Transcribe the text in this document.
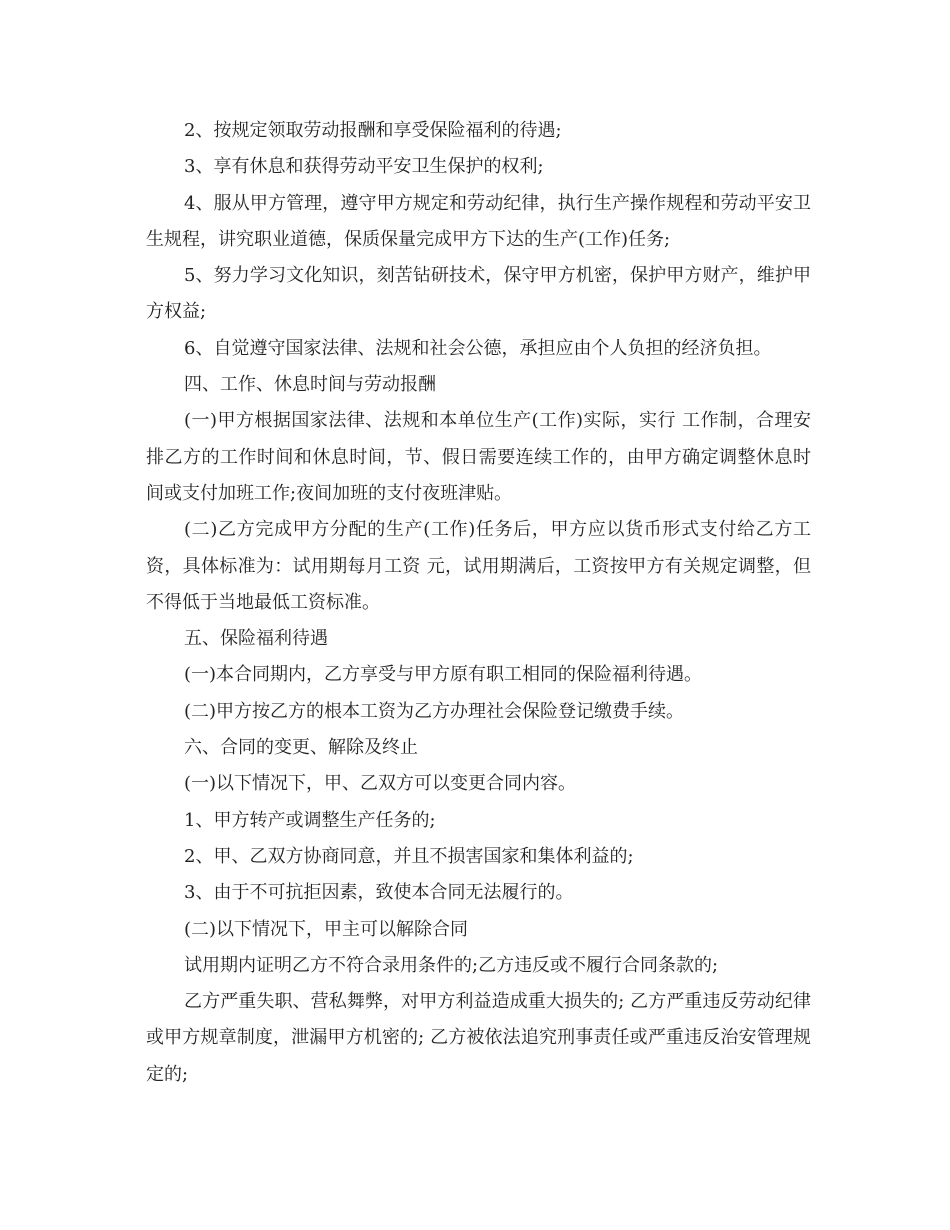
2、按规定领取劳动报酬和享受保险福利的待遇;

3、享有休息和获得劳动平安卫生保护的权利;

4、服从甲方管理，遵守甲方规定和劳动纪律，执行生产操作规程和劳动平安卫生规程，讲究职业道德，保质保量完成甲方下达的生产(工作)任务;

5、努力学习文化知识，刻苦钻研技术，保守甲方机密，保护甲方财产，维护甲方权益;

6、自觉遵守国家法律、法规和社会公德，承担应由个人负担的经济负担。

四、工作、休息时间与劳动报酬

(一)甲方根据国家法律、法规和本单位生产(工作)实际，实行 工作制，合理安排乙方的工作时间和休息时间，节、假日需要连续工作的，由甲方确定调整休息时间或支付加班工作;夜间加班的支付夜班津贴。

(二)乙方完成甲方分配的生产(工作)任务后，甲方应以货币形式支付给乙方工资，具体标准为：试用期每月工资 元，试用期满后，工资按甲方有关规定调整，但不得低于当地最低工资标准。

五、保险福利待遇

(一)本合同期内，乙方享受与甲方原有职工相同的保险福利待遇。

(二)甲方按乙方的根本工资为乙方办理社会保险登记缴费手续。

六、合同的变更、解除及终止

(一)以下情况下，甲、乙双方可以变更合同内容。

1、甲方转产或调整生产任务的;

2、甲、乙双方协商同意，并且不损害国家和集体利益的;

3、由于不可抗拒因素，致使本合同无法履行的。

(二)以下情况下，甲主可以解除合同

试用期内证明乙方不符合录用条件的;乙方违反或不履行合同条款的;

乙方严重失职、营私舞弊，对甲方利益造成重大损失的; 乙方严重违反劳动纪律或甲方规章制度，泄漏甲方机密的; 乙方被依法追究刑事责任或严重违反治安管理规定的;
